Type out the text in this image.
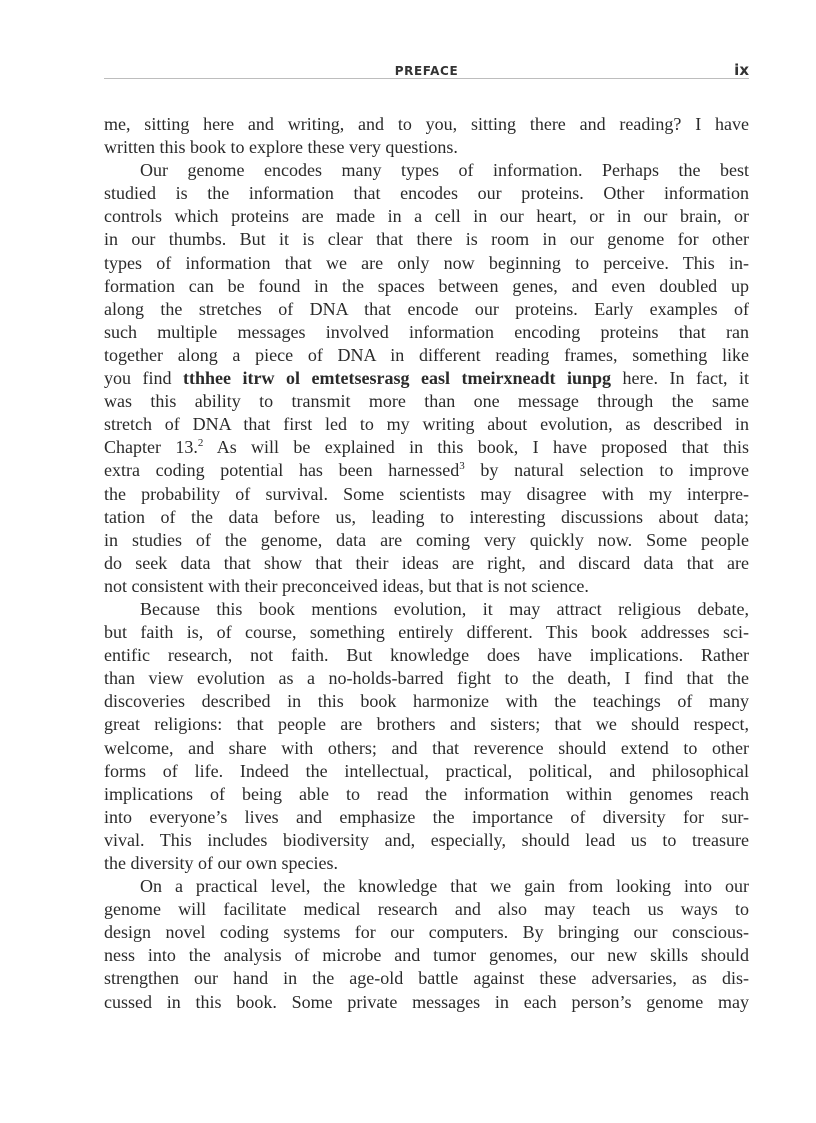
PREFACE	ix

me, sitting here and writing, and to you, sitting there and reading? I have
written this book to explore these very questions.

Our genome encodes many types of information. Perhaps the best
studied is the information that encodes our proteins. Other information
controls which proteins are made in a cell in our heart, or in our brain, or
in our thumbs. But it is clear that there is room in our genome for other
types of information that we are only now beginning to perceive. This in-
formation can be found in the spaces between genes, and even doubled up
along the stretches of DNA that encode our proteins. Early examples of
such multiple messages involved information encoding proteins that ran
together along a piece of DNA in different reading frames, something like
you find tthhee itrw ol emtetsesrasg easl tmeirxneadt iunpg here. In fact, it
was this ability to transmit more than one message through the same
stretch of DNA that first led to my writing about evolution, as described in
Chapter 13.$^2$ As will be explained in this book, I have proposed that this
extra coding potential has been harnessed$^3$ by natural selection to improve
the probability of survival. Some scientists may disagree with my interpre-
tation of the data before us, leading to interesting discussions about data;
in studies of the genome, data are coming very quickly now. Some people
do seek data that show that their ideas are right, and discard data that are
not consistent with their preconceived ideas, but that is not science.

Because this book mentions evolution, it may attract religious debate,
but faith is, of course, something entirely different. This book addresses sci-
entific research, not faith. But knowledge does have implications. Rather
than view evolution as a no-holds-barred fight to the death, I find that the
discoveries described in this book harmonize with the teachings of many
great religions: that people are brothers and sisters; that we should respect,
welcome, and share with others; and that reverence should extend to other
forms of life. Indeed the intellectual, practical, political, and philosophical
implications of being able to read the information within genomes reach
into everyone’s lives and emphasize the importance of diversity for sur-
vival. This includes biodiversity and, especially, should lead us to treasure
the diversity of our own species.

On a practical level, the knowledge that we gain from looking into our
genome will facilitate medical research and also may teach us ways to
design novel coding systems for our computers. By bringing our conscious-
ness into the analysis of microbe and tumor genomes, our new skills should
strengthen our hand in the age-old battle against these adversaries, as dis-
cussed in this book. Some private messages in each person’s genome may
